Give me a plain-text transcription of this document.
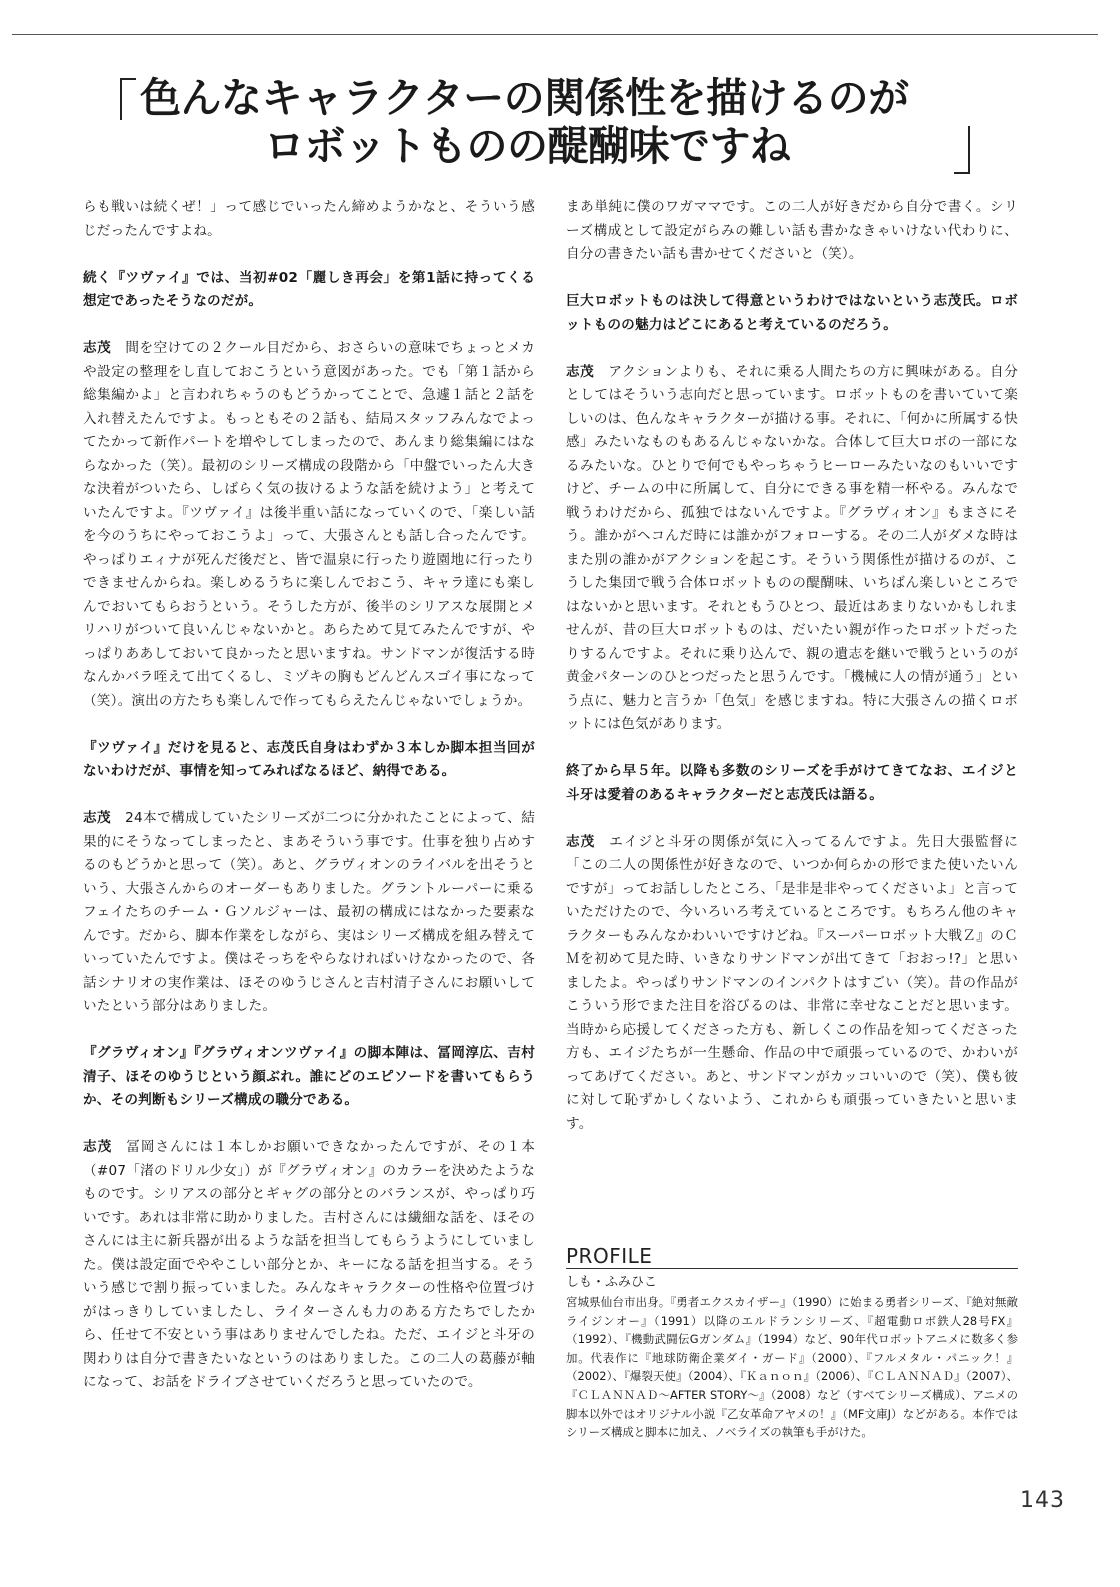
色んなキャラクターの関係性を描けるのが
ロボットものの醍醐味ですね

らも戦いは続くぜ！」って感じでいったん締めようかなと、そういう感じだったんですよね。

続く『ツヴァイ』では、当初#02「麗しき再会」を第1話に持ってくる想定であったそうなのだが。

志茂 間を空けての２クール目だから、おさらいの意味でちょっとメカや設定の整理をし直しておこうという意図があった。でも「第１話から総集編かよ」と言われちゃうのもどうかってことで、急遽１話と２話を入れ替えたんですよ。もっともその２話も、結局スタッフみんなでよってたかって新作パートを増やしてしまったので、あんまり総集編にはならなかった（笑）。最初のシリーズ構成の段階から「中盤でいったん大きな決着がついたら、しばらく気の抜けるような話を続けよう」と考えていたんですよ。『ツヴァイ』は後半重い話になっていくので、「楽しい話を今のうちにやっておこうよ」って、大張さんとも話し合ったんです。やっぱりエィナが死んだ後だと、皆で温泉に行ったり遊園地に行ったりできませんからね。楽しめるうちに楽しんでおこう、キャラ達にも楽しんでおいてもらおうという。そうした方が、後半のシリアスな展開とメリハリがついて良いんじゃないかと。あらためて見てみたんですが、やっぱりああしておいて良かったと思いますね。サンドマンが復活する時なんかバラ咥えて出てくるし、ミヅキの胸もどんどんスゴイ事になって（笑）。演出の方たちも楽しんで作ってもらえたんじゃないでしょうか。

『ツヴァイ』だけを見ると、志茂氏自身はわずか３本しか脚本担当回がないわけだが、事情を知ってみればなるほど、納得である。

志茂 24本で構成していたシリーズが二つに分かれたことによって、結果的にそうなってしまったと、まあそういう事です。仕事を独り占めするのもどうかと思って（笑）。あと、グラヴィオンのライバルを出そうという、大張さんからのオーダーもありました。グラントルーパーに乗るフェイたちのチーム・Ｇソルジャーは、最初の構成にはなかった要素なんです。だから、脚本作業をしながら、実はシリーズ構成を組み替えていっていたんですよ。僕はそっちをやらなければいけなかったので、各話シナリオの実作業は、ほそのゆうじさんと吉村清子さんにお願いしていたという部分はありました。

『グラヴィオン』『グラヴィオンツヴァイ』の脚本陣は、冨岡淳広、吉村清子、ほそのゆうじという顔ぶれ。誰にどのエピソードを書いてもらうか、その判断もシリーズ構成の職分である。

志茂 冨岡さんには１本しかお願いできなかったんですが、その１本（#07「渚のドリル少女」）が『グラヴィオン』のカラーを決めたようなものです。シリアスの部分とギャグの部分とのバランスが、やっぱり巧いです。あれは非常に助かりました。吉村さんには繊細な話を、ほそのさんには主に新兵器が出るような話を担当してもらうようにしていました。僕は設定面でややこしい部分とか、キーになる話を担当する。そういう感じで割り振っていました。みんなキャラクターの性格や位置づけがはっきりしていましたし、ライターさんも力のある方たちでしたから、任せて不安という事はありませんでしたね。ただ、エイジと斗牙の関わりは自分で書きたいなというのはありました。この二人の葛藤が軸になって、お話をドライブさせていくだろうと思っていたので。

まあ単純に僕のワガママです。この二人が好きだから自分で書く。シリーズ構成として設定がらみの難しい話も書かなきゃいけない代わりに、自分の書きたい話も書かせてくださいと（笑）。

巨大ロボットものは決して得意というわけではないという志茂氏。ロボットものの魅力はどこにあると考えているのだろう。

志茂 アクションよりも、それに乗る人間たちの方に興味がある。自分としてはそういう志向だと思っています。ロボットものを書いていて楽しいのは、色んなキャラクターが描ける事。それに、「何かに所属する快感」みたいなものもあるんじゃないかな。合体して巨大ロボの一部になるみたいな。ひとりで何でもやっちゃうヒーローみたいなのもいいですけど、チームの中に所属して、自分にできる事を精一杯やる。みんなで戦うわけだから、孤独ではないんですよ。『グラヴィオン』もまさにそう。誰かがヘコんだ時には誰かがフォローする。その二人がダメな時はまた別の誰かがアクションを起こす。そういう関係性が描けるのが、こうした集団で戦う合体ロボットものの醍醐味、いちばん楽しいところではないかと思います。それともうひとつ、最近はあまりないかもしれませんが、昔の巨大ロボットものは、だいたい親が作ったロボットだったりするんですよ。それに乗り込んで、親の遺志を継いで戦うというのが黄金パターンのひとつだったと思うんです。「機械に人の情が通う」という点に、魅力と言うか「色気」を感じますね。特に大張さんの描くロボットには色気があります。

終了から早５年。以降も多数のシリーズを手がけてきてなお、エイジと斗牙は愛着のあるキャラクターだと志茂氏は語る。

志茂 エイジと斗牙の関係が気に入ってるんですよ。先日大張監督に「この二人の関係性が好きなので、いつか何らかの形でまた使いたいんですが」ってお話ししたところ、「是非是非やってくださいよ」と言っていただけたので、今いろいろ考えているところです。もちろん他のキャラクターもみんなかわいいですけどね。『スーパーロボット大戦Ｚ』のＣＭを初めて見た時、いきなりサンドマンが出てきて「おおっ!?」と思いましたよ。やっぱりサンドマンのインパクトはすごい（笑）。昔の作品がこういう形でまた注目を浴びるのは、非常に幸せなことだと思います。当時から応援してくださった方も、新しくこの作品を知ってくださった方も、エイジたちが一生懸命、作品の中で頑張っているので、かわいがってあげてください。あと、サンドマンがカッコいいので（笑）、僕も彼に対して恥ずかしくないよう、これからも頑張っていきたいと思います。

PROFILE
しも・ふみひこ

宮城県仙台市出身。『勇者エクスカイザー』（1990）に始まる勇者シリーズ、『絶対無敵ライジンオー』（1991）以降のエルドランシリーズ、『超電動ロボ鉄人28号FX』（1992）、『機動武闘伝Gガンダム』（1994）など、90年代ロボットアニメに数多く参加。代表作に『地球防衛企業ダイ・ガード』（2000）、『フルメタル・パニック！』（2002）、『爆裂天使』（2004）、『Ｋａｎｏｎ』（2006）、『ＣＬＡＮＮＡＤ』（2007）、『ＣＬＡＮＮＡＤ〜AFTER STORY〜』（2008）など（すべてシリーズ構成）、アニメの脚本以外ではオリジナル小説『乙女革命アヤメの！』（MF文庫J）などがある。本作ではシリーズ構成と脚本に加え、ノベライズの執筆も手がけた。

143
